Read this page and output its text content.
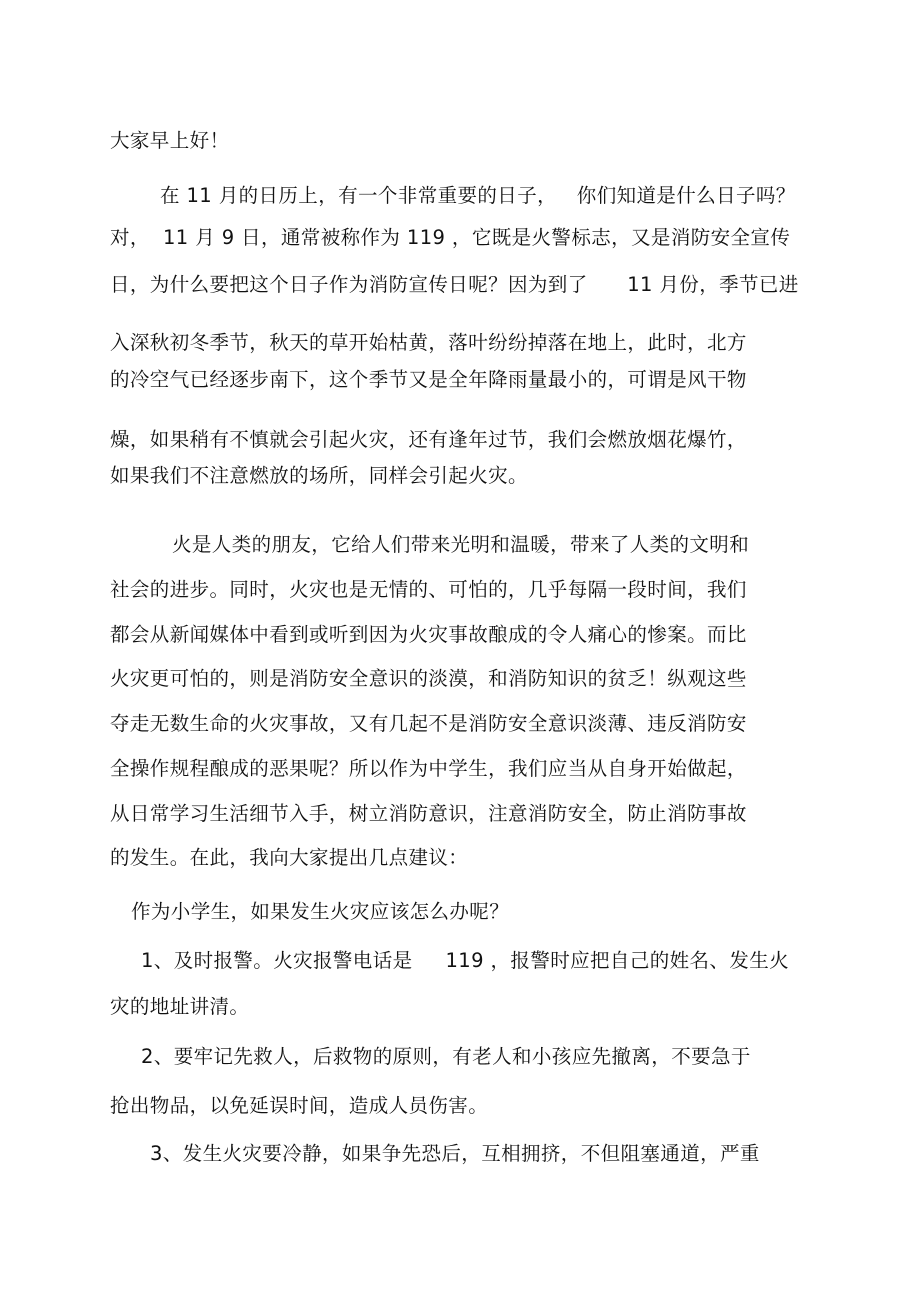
大家早上好！
在 11 月的日历上，有一个非常重要的日子，   你们知道是什么日子吗？
对，  11 月 9 日，通常被称作为 119 ，它既是火警标志，又是消防安全宣传
日，为什么要把这个日子作为消防宣传日呢？因为到了      11 月份，季节已进
入深秋初冬季节，秋天的草开始枯黄，落叶纷纷掉落在地上，此时，北方
的冷空气已经逐步南下，这个季节又是全年降雨量最小的，可谓是风干物
燥，如果稍有不慎就会引起火灾，还有逢年过节，我们会燃放烟花爆竹，
如果我们不注意燃放的场所，同样会引起火灾。
火是人类的朋友，它给人们带来光明和温暖，带来了人类的文明和
社会的进步。同时，火灾也是无情的、可怕的，几乎每隔一段时间，我们
都会从新闻媒体中看到或听到因为火灾事故酿成的令人痛心的惨案。而比
火灾更可怕的，则是消防安全意识的淡漠，和消防知识的贫乏！纵观这些
夺走无数生命的火灾事故，又有几起不是消防安全意识淡薄、违反消防安
全操作规程酿成的恶果呢？所以作为中学生，我们应当从自身开始做起，
从日常学习生活细节入手，树立消防意识，注意消防安全，防止消防事故
的发生。在此，我向大家提出几点建议：
作为小学生，如果发生火灾应该怎么办呢？
1、及时报警。火灾报警电话是     119 ，报警时应把自己的姓名、发生火
灾的地址讲清。
2、要牢记先救人，后救物的原则，有老人和小孩应先撤离，不要急于
抢出物品，以免延误时间，造成人员伤害。
3、发生火灾要冷静，如果争先恐后，互相拥挤，不但阻塞通道，严重
